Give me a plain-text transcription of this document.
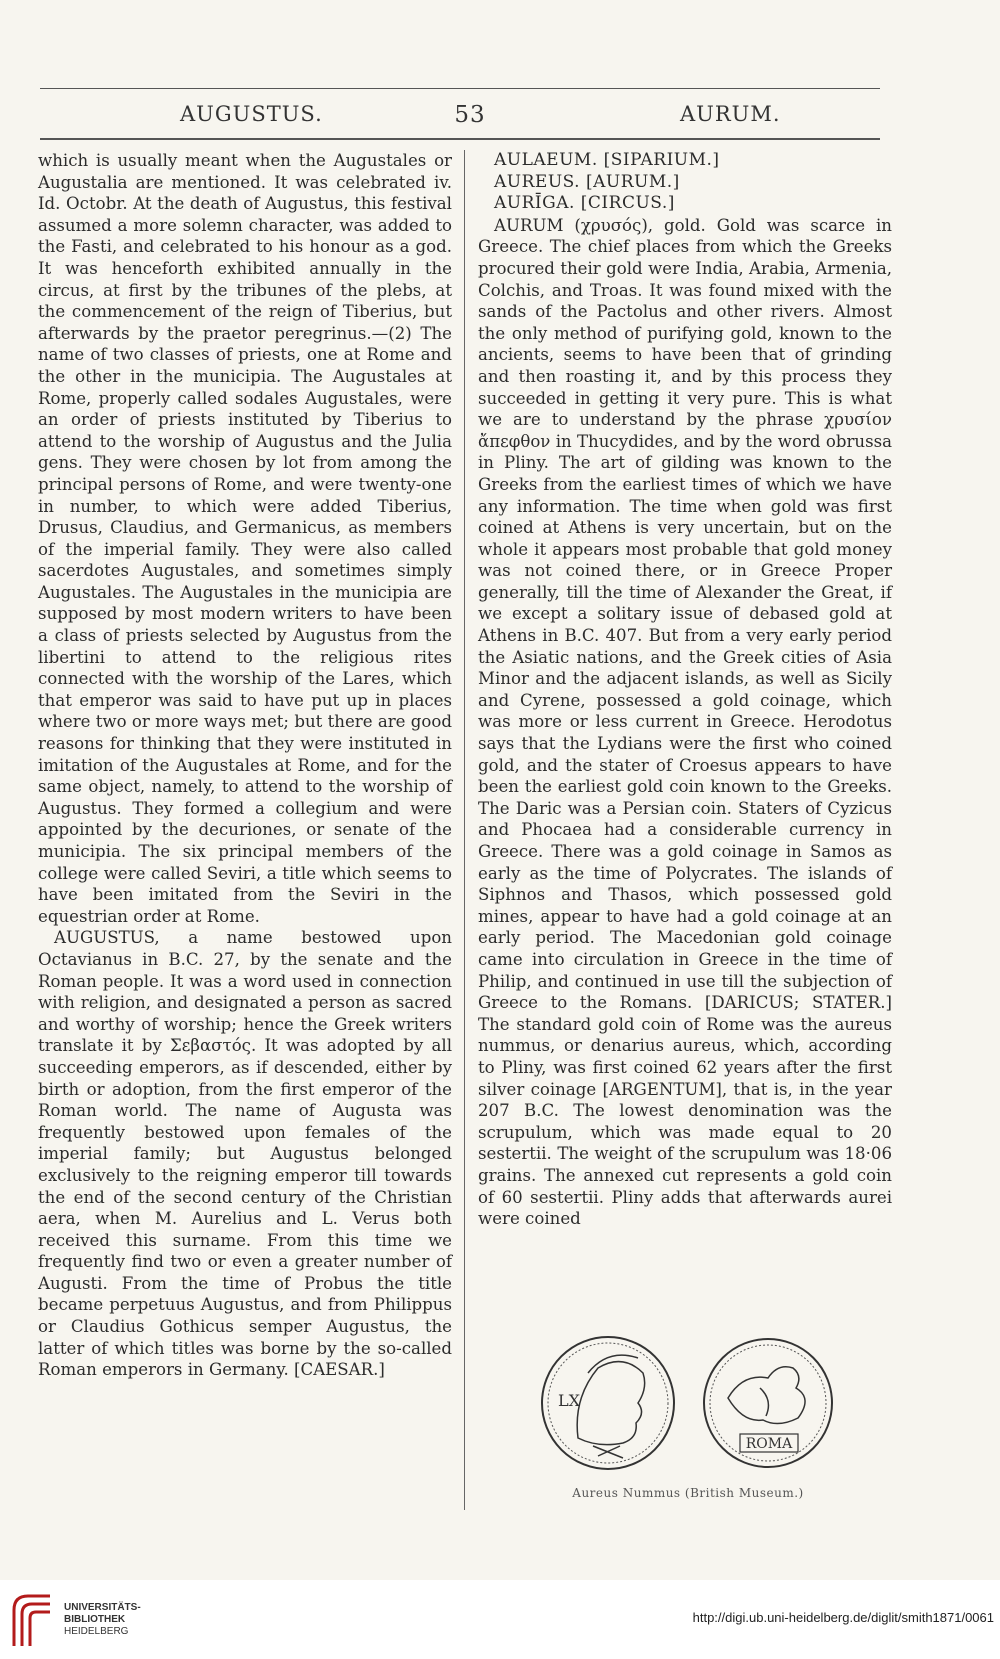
AUGUSTUS.	53	AURUM.

which is usually meant when the Augustales or Augustalia are mentioned. It was celebrated iv. Id. Octobr. At the death of Augustus, this festival assumed a more solemn character, was added to the Fasti, and celebrated to his honour as a god. It was henceforth exhibited annually in the circus, at first by the tribunes of the plebs, at the commencement of the reign of Tiberius, but afterwards by the praetor peregrinus.—(2) The name of two classes of priests, one at Rome and the other in the municipia. The Augustales at Rome, properly called sodales Augustales, were an order of priests instituted by Tiberius to attend to the worship of Augustus and the Julia gens. They were chosen by lot from among the principal persons of Rome, and were twenty-one in number, to which were added Tiberius, Drusus, Claudius, and Germanicus, as members of the imperial family. They were also called sacerdotes Augustales, and sometimes simply Augustales. The Augustales in the municipia are supposed by most modern writers to have been a class of priests selected by Augustus from the libertini to attend to the religious rites connected with the worship of the Lares, which that emperor was said to have put up in places where two or more ways met; but there are good reasons for thinking that they were instituted in imitation of the Augustales at Rome, and for the same object, namely, to attend to the worship of Augustus. They formed a collegium and were appointed by the decuriones, or senate of the municipia. The six principal members of the college were called Seviri, a title which seems to have been imitated from the Seviri in the equestrian order at Rome.

AUGUSTUS, a name bestowed upon Octavianus in B.C. 27, by the senate and the Roman people. It was a word used in connection with religion, and designated a person as sacred and worthy of worship; hence the Greek writers translate it by Σεβαστός. It was adopted by all succeeding emperors, as if descended, either by birth or adoption, from the first emperor of the Roman world. The name of Augusta was frequently bestowed upon females of the imperial family; but Augustus belonged exclusively to the reigning emperor till towards the end of the second century of the Christian aera, when M. Aurelius and L. Verus both received this surname. From this time we frequently find two or even a greater number of Augusti. From the time of Probus the title became perpetuus Augustus, and from Philippus or Claudius Gothicus semper Augustus, the latter of which titles was borne by the so-called Roman emperors in Germany. [CAESAR.]

AULAEUM. [SIPARIUM.]

AUREUS. [AURUM.]

AURĪGA. [CIRCUS.]

AURUM (χρυσός), gold. Gold was scarce in Greece. The chief places from which the Greeks procured their gold were India, Arabia, Armenia, Colchis, and Troas. It was found mixed with the sands of the Pactolus and other rivers. Almost the only method of purifying gold, known to the ancients, seems to have been that of grinding and then roasting it, and by this process they succeeded in getting it very pure. This is what we are to understand by the phrase χρυσίον ἄπεφθον in Thucydides, and by the word obrussa in Pliny. The art of gilding was known to the Greeks from the earliest times of which we have any information. The time when gold was first coined at Athens is very uncertain, but on the whole it appears most probable that gold money was not coined there, or in Greece Proper generally, till the time of Alexander the Great, if we except a solitary issue of debased gold at Athens in B.C. 407. But from a very early period the Asiatic nations, and the Greek cities of Asia Minor and the adjacent islands, as well as Sicily and Cyrene, possessed a gold coinage, which was more or less current in Greece. Herodotus says that the Lydians were the first who coined gold, and the stater of Croesus appears to have been the earliest gold coin known to the Greeks. The Daric was a Persian coin. Staters of Cyzicus and Phocaea had a considerable currency in Greece. There was a gold coinage in Samos as early as the time of Polycrates. The islands of Siphnos and Thasos, which possessed gold mines, appear to have had a gold coinage at an early period. The Macedonian gold coinage came into circulation in Greece in the time of Philip, and continued in use till the subjection of Greece to the Romans. [DARICUS; STATER.] The standard gold coin of Rome was the aureus nummus, or denarius aureus, which, according to Pliny, was first coined 62 years after the first silver coinage [ARGENTUM], that is, in the year 207 B.C. The lowest denomination was the scrupulum, which was made equal to 20 sestertii. The weight of the scrupulum was 18·06 grains. The annexed cut represents a gold coin of 60 sestertii. Pliny adds that afterwards aurei were coined

LX
ROMA
Aureus Nummus (British Museum.)
UNIVERSITÄTS-
BIBLIOTHEK
HEIDELBERG
http://digi.ub.uni-heidelberg.de/diglit/smith1871/0061
